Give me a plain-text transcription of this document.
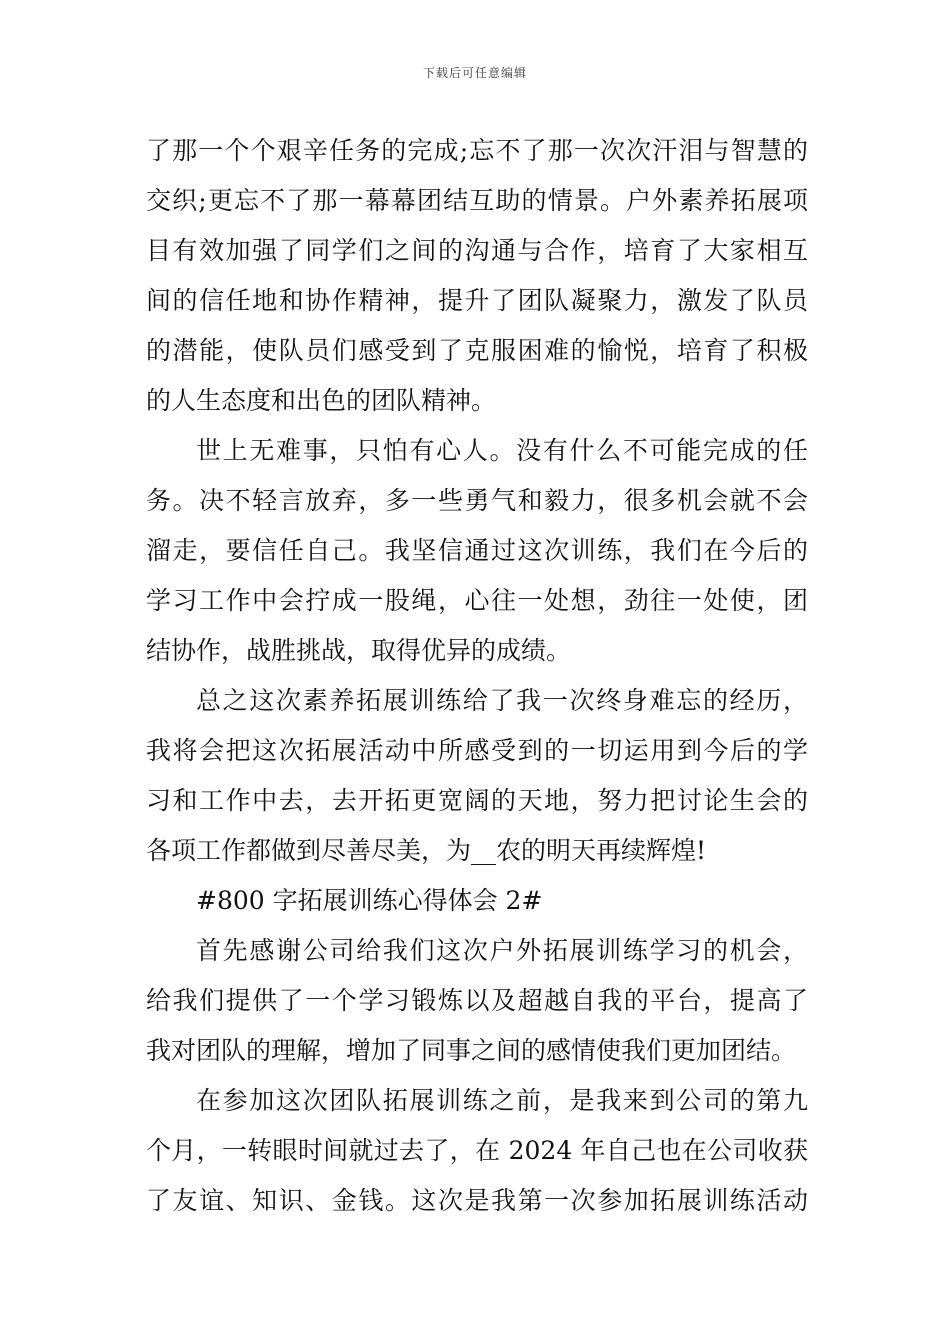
下载后可任意编辑
了那一个个艰辛任务的完成;忘不了那一次次汗泪与智慧的
交织;更忘不了那一幕幕团结互助的情景。户外素养拓展项
目有效加强了同学们之间的沟通与合作，培育了大家相互
间的信任地和协作精神，提升了团队凝聚力，激发了队员
的潜能，使队员们感受到了克服困难的愉悦，培育了积极
的人生态度和出色的团队精神。
世上无难事，只怕有心人。没有什么不可能完成的任
务。决不轻言放弃，多一些勇气和毅力，很多机会就不会
溜走，要信任自己。我坚信通过这次训练，我们在今后的
学习工作中会拧成一股绳，心往一处想，劲往一处使，团
结协作，战胜挑战，取得优异的成绩。
总之这次素养拓展训练给了我一次终身难忘的经历，
我将会把这次拓展活动中所感受到的一切运用到今后的学
习和工作中去，去开拓更宽阔的天地，努力把讨论生会的
各项工作都做到尽善尽美，为__农的明天再续辉煌!
#800 字拓展训练心得体会 2#
首先感谢公司给我们这次户外拓展训练学习的机会，
给我们提供了一个学习锻炼以及超越自我的平台，提高了
我对团队的理解，增加了同事之间的感情使我们更加团结。
在参加这次团队拓展训练之前，是我来到公司的第九
个月，一转眼时间就过去了，在 2024 年自己也在公司收获
了友谊、知识、金钱。这次是我第一次参加拓展训练活动
